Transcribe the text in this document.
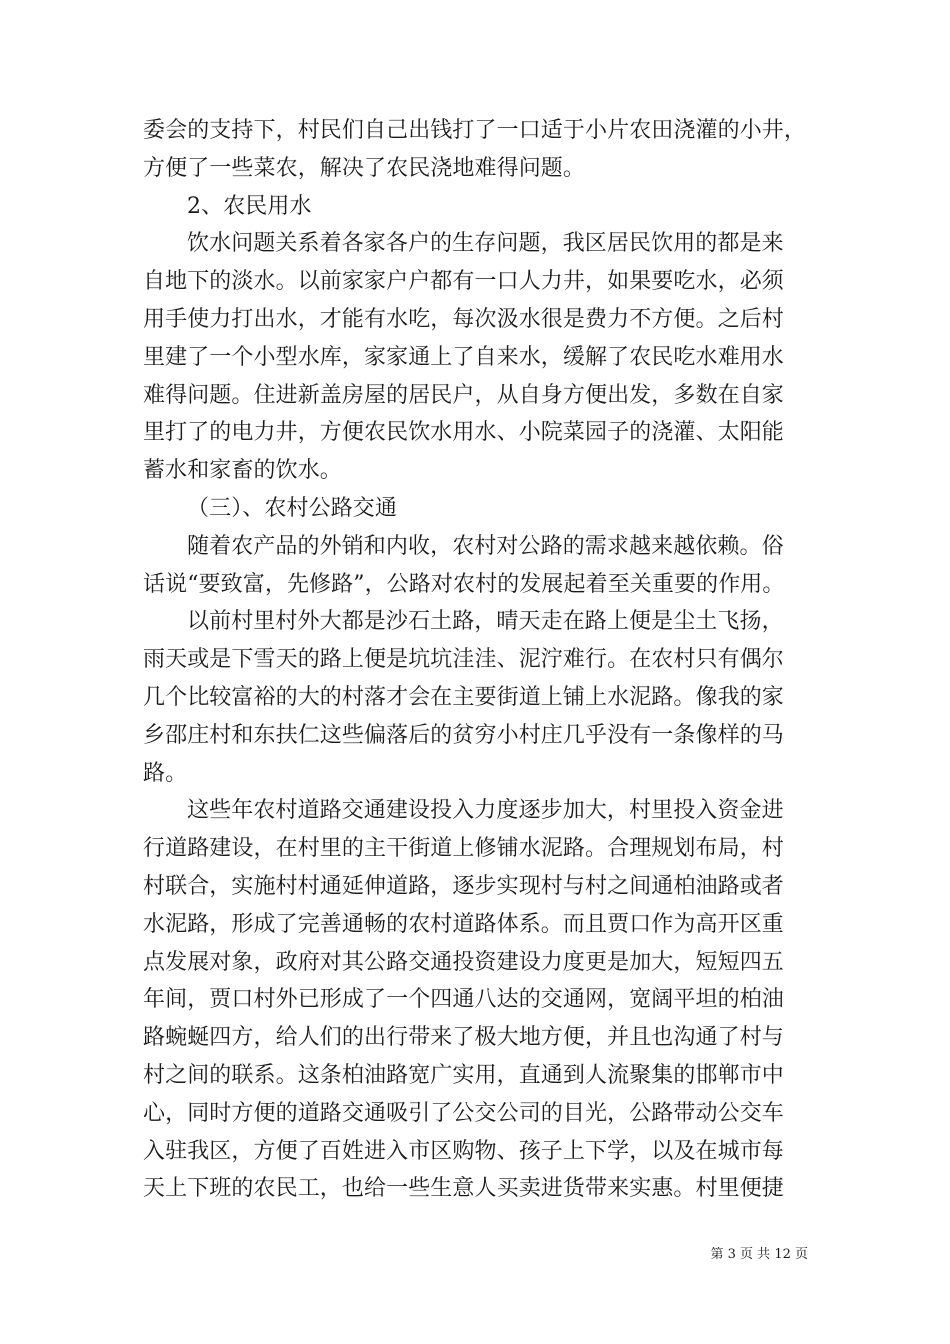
委会的支持下，村民们自己出钱打了一口适于小片农田浇灌的小井，
方便了一些菜农，解决了农民浇地难得问题。
2、农民用水
饮水问题关系着各家各户的生存问题，我区居民饮用的都是来
自地下的淡水。以前家家户户都有一口人力井，如果要吃水，必须
用手使力打出水，才能有水吃，每次汲水很是费力不方便。之后村
里建了一个小型水库，家家通上了自来水，缓解了农民吃水难用水
难得问题。住进新盖房屋的居民户，从自身方便出发，多数在自家
里打了的电力井，方便农民饮水用水、小院菜园子的浇灌、太阳能
蓄水和家畜的饮水。
（三）、农村公路交通
随着农产品的外销和内收，农村对公路的需求越来越依赖。俗
话说“要致富，先修路”，公路对农村的发展起着至关重要的作用。
以前村里村外大都是沙石土路，晴天走在路上便是尘土飞扬，
雨天或是下雪天的路上便是坑坑洼洼、泥泞难行。在农村只有偶尔
几个比较富裕的大的村落才会在主要街道上铺上水泥路。像我的家
乡邵庄村和东扶仁这些偏落后的贫穷小村庄几乎没有一条像样的马
路。
这些年农村道路交通建设投入力度逐步加大，村里投入资金进
行道路建设，在村里的主干街道上修铺水泥路。合理规划布局，村
村联合，实施村村通延伸道路，逐步实现村与村之间通柏油路或者
水泥路，形成了完善通畅的农村道路体系。而且贾口作为高开区重
点发展对象，政府对其公路交通投资建设力度更是加大，短短四五
年间，贾口村外已形成了一个四通八达的交通网，宽阔平坦的柏油
路蜿蜒四方，给人们的出行带来了极大地方便，并且也沟通了村与
村之间的联系。这条柏油路宽广实用，直通到人流聚集的邯郸市中
心，同时方便的道路交通吸引了公交公司的目光，公路带动公交车
入驻我区，方便了百姓进入市区购物、孩子上下学，以及在城市每
天上下班的农民工，也给一些生意人买卖进货带来实惠。村里便捷
第 3 页 共 12 页
